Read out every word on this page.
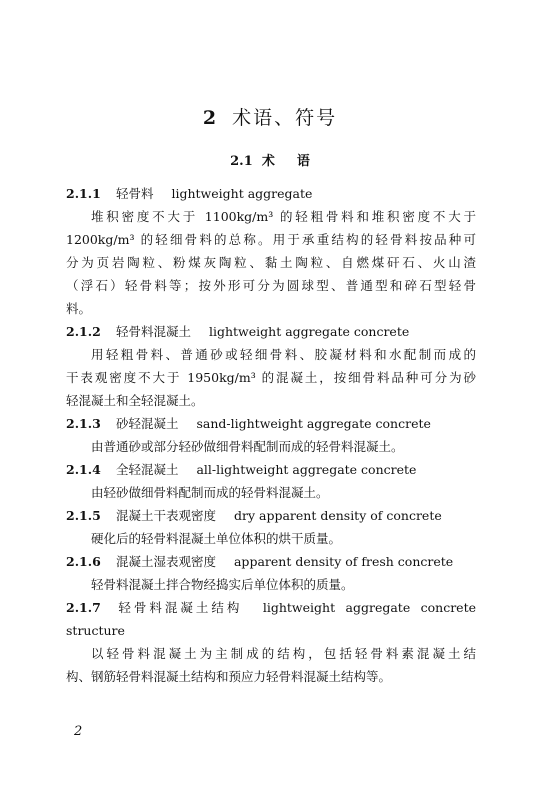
2 术语、符号
2.1 术 语
2.1.1 轻骨料 lightweight aggregate
堆积密度不大于 1100kg/m³ 的轻粗骨料和堆积密度不大于
1200kg/m³ 的轻细骨料的总称。用于承重结构的轻骨料按品种可
分为页岩陶粒、粉煤灰陶粒、黏土陶粒、自燃煤矸石、火山渣
（浮石）轻骨料等；按外形可分为圆球型、普通型和碎石型轻骨
料。
2.1.2 轻骨料混凝土 lightweight aggregate concrete
用轻粗骨料、普通砂或轻细骨料、胶凝材料和水配制而成的
干表观密度不大于 1950kg/m³ 的混凝土，按细骨料品种可分为砂
轻混凝土和全轻混凝土。
2.1.3 砂轻混凝土 sand-lightweight aggregate concrete
由普通砂或部分轻砂做细骨料配制而成的轻骨料混凝土。
2.1.4 全轻混凝土 all-lightweight aggregate concrete
由轻砂做细骨料配制而成的轻骨料混凝土。
2.1.5 混凝土干表观密度 dry apparent density of concrete
硬化后的轻骨料混凝土单位体积的烘干质量。
2.1.6 混凝土湿表观密度 apparent density of fresh concrete
轻骨料混凝土拌合物经捣实后单位体积的质量。
2.1.7 轻骨料混凝土结构 lightweight aggregate concrete
structure
以轻骨料混凝土为主制成的结构，包括轻骨料素混凝土结
构、钢筋轻骨料混凝土结构和预应力轻骨料混凝土结构等。
2
